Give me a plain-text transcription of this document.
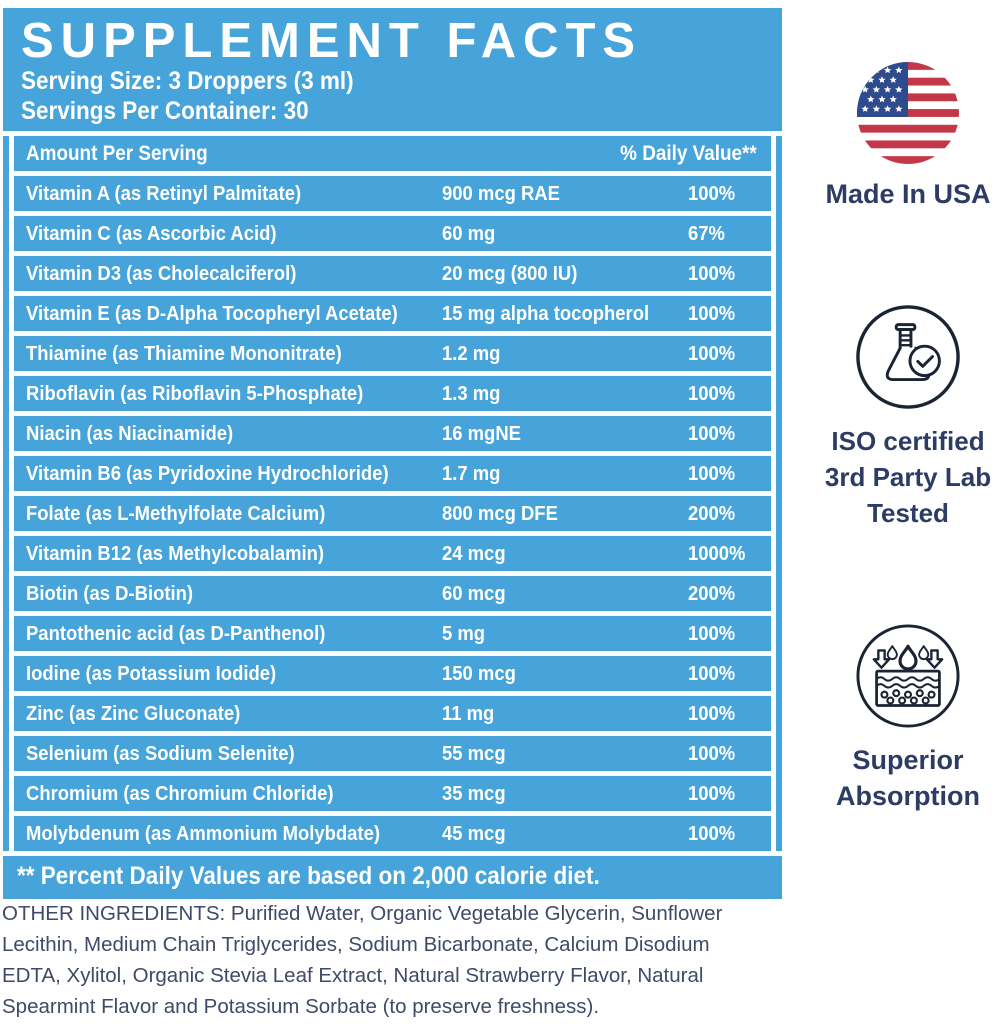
SUPPLEMENT FACTS
Serving Size: 3 Droppers (3 ml)
Servings Per Container: 30
Amount Per Serving	% Daily Value**
Vitamin A (as Retinyl Palmitate)	900 mcg RAE	100%
Vitamin C (as Ascorbic Acid)	60 mg	67%
Vitamin D3 (as Cholecalciferol)	20 mcg (800 IU)	100%
Vitamin E (as D-Alpha Tocopheryl Acetate) 15 mg alpha tocopherol	100%
Thiamine (as Thiamine Mononitrate)	1.2 mg	100%
Riboflavin (as Riboflavin 5-Phosphate)	1.3 mg	100%
Niacin (as Niacinamide)	16 mgNE	100%
Vitamin B6 (as Pyridoxine Hydrochloride)	1.7 mg	100%
Folate (as L-Methylfolate Calcium)	800 mcg DFE	200%
Vitamin B12 (as Methylcobalamin)	24 mcg	1000%
Biotin (as D-Biotin)	60 mcg	200%
Pantothenic acid (as D-Panthenol)	5 mg	100%
Iodine (as Potassium Iodide)	150 mcg	100%
Zinc (as Zinc Gluconate)	11 mg	100%
Selenium (as Sodium Selenite)	55 mcg	100%
Chromium (as Chromium Chloride)	35 mcg	100%
Molybdenum (as Ammonium Molybdate)	45 mcg	100%
** Percent Daily Values are based on 2,000 calorie diet.
OTHER INGREDIENTS: Purified Water, Organic Vegetable Glycerin, Sunflower
Lecithin, Medium Chain Triglycerides, Sodium Bicarbonate, Calcium Disodium
EDTA, Xylitol, Organic Stevia Leaf Extract, Natural Strawberry Flavor, Natural
Spearmint Flavor and Potassium Sorbate (to preserve freshness).
Made In USA
ISO certified
3rd Party Lab
Tested
Superior
Absorption
